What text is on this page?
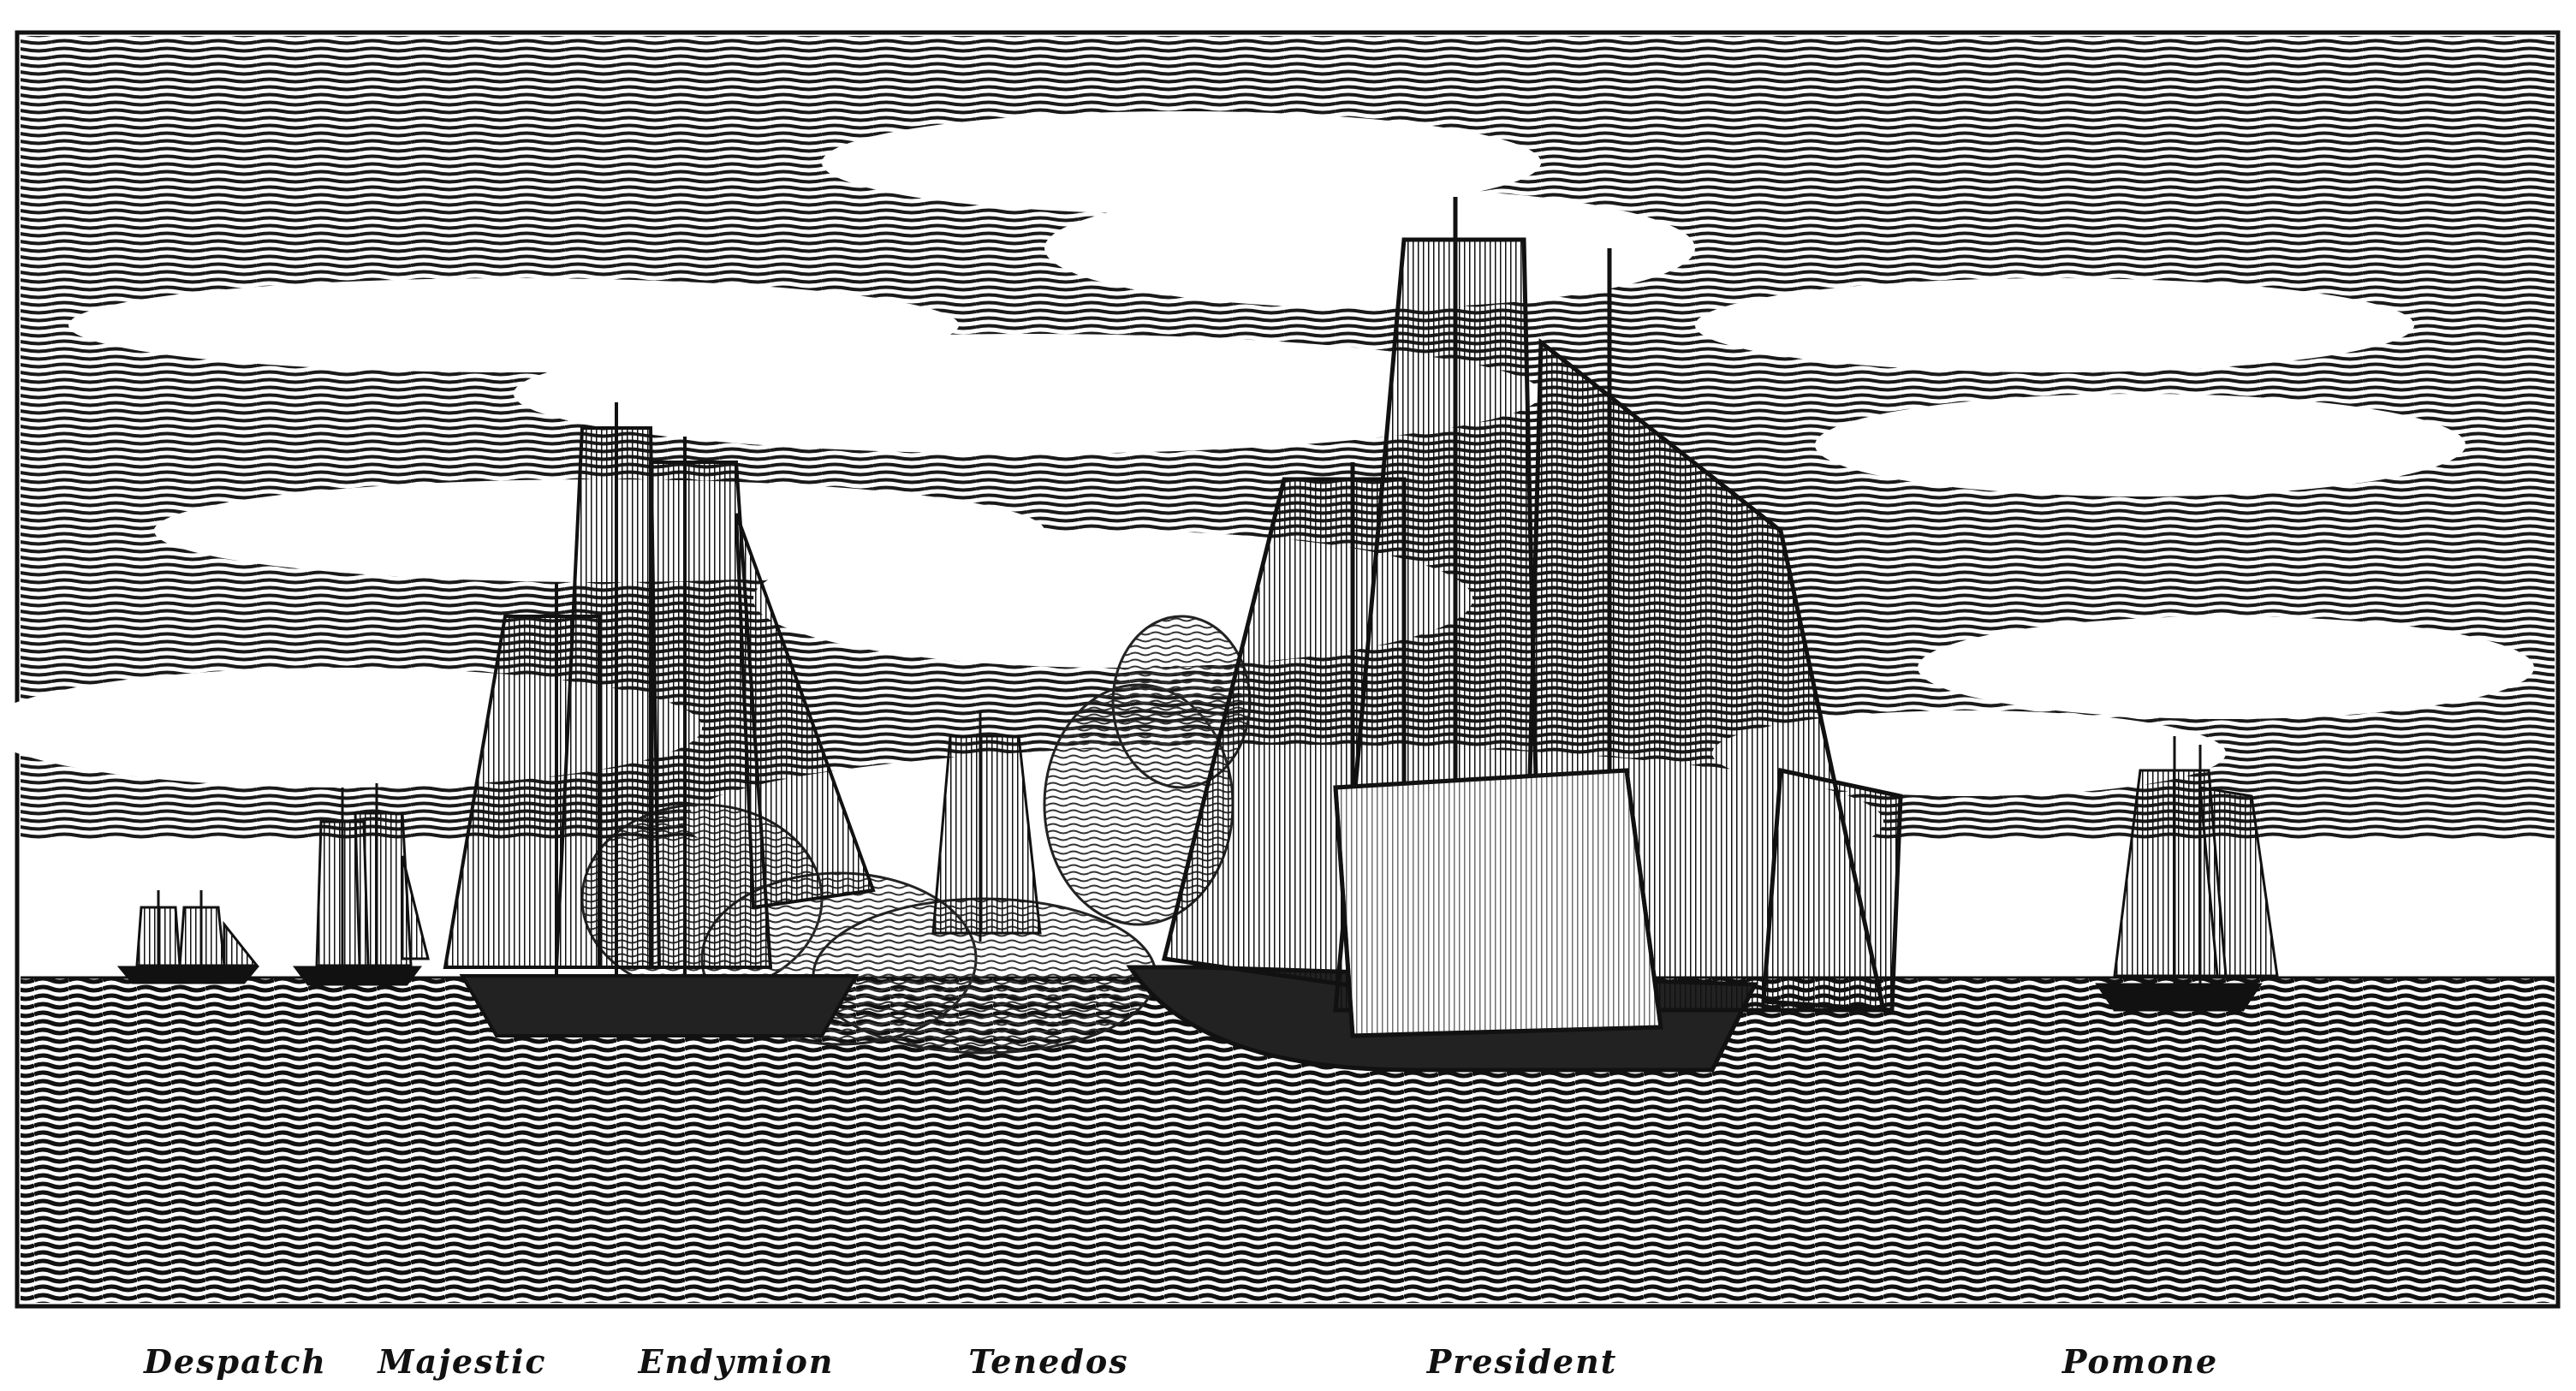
Despatch Majestic	Endymion	Tenedos	President	Pomone
